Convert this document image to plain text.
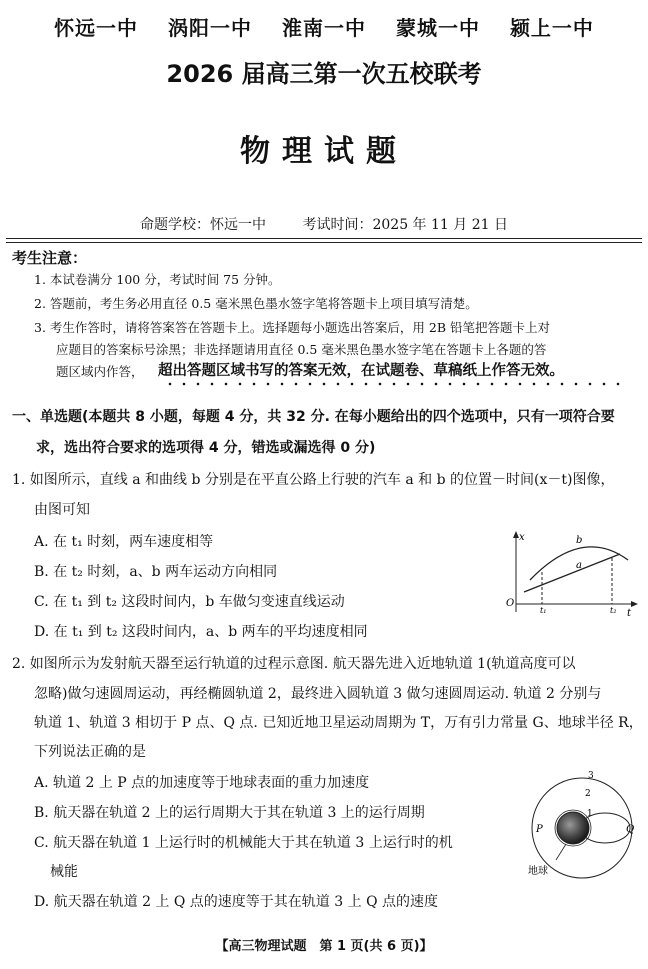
怀远一中 涡阳一中 淮南一中 蒙城一中 颍上一中
2026 届高三第一次五校联考
物理试题
命题学校：怀远一中	考试时间：2025 年 11 月 21 日
考生注意：
1. 本试卷满分 100 分，考试时间 75 分钟。
2. 答题前，考生务必用直径 0.5 毫米黑色墨水签字笔将答题卡上项目填写清楚。
3. 考生作答时，请将答案答在答题卡上。选择题每小题选出答案后，用 2B 铅笔把答题卡上对
应题目的答案标号涂黑；非选择题请用直径 0.5 毫米黑色墨水签字笔在答题卡上各题的答
题区域内作答， 超出答题区域书写的答案无效，在试题卷、草稿纸上作答无效。
一、单选题(本题共 8 小题，每题 4 分，共 32 分. 在每小题给出的四个选项中，只有一项符合要
求，选出符合要求的选项得 4 分，错选或漏选得 0 分)
1. 如图所示，直线 a 和曲线 b 分别是在平直公路上行驶的汽车 a 和 b 的位置－时间(x－t)图像，
由图可知
A. 在 t₁ 时刻，两车速度相等
B. 在 t₂ 时刻，a、b 两车运动方向相同
C. 在 t₁ 到 t₂ 这段时间内，b 车做匀变速直线运动
D. 在 t₁ 到 t₂ 这段时间内，a、b 两车的平均速度相同
x
t
O
t₁	t₂
b
a
2. 如图所示为发射航天器至运行轨道的过程示意图. 航天器先进入近地轨道 1(轨道高度可以
忽略)做匀速圆周运动，再经椭圆轨道 2，最终进入圆轨道 3 做匀速圆周运动. 轨道 2 分别与
轨道 1、轨道 3 相切于 P 点、Q 点. 已知近地卫星运动周期为 T，万有引力常量 G、地球半径 R，
下列说法正确的是
A. 轨道 2 上 P 点的加速度等于地球表面的重力加速度
B. 航天器在轨道 2 上的运行周期大于其在轨道 3 上的运行周期
C. 航天器在轨道 1 上运行时的机械能大于其在轨道 3 上运行时的机
械能
D. 航天器在轨道 2 上 Q 点的速度等于其在轨道 3 上 Q 点的速度
3
2
1
P	Q
地球
【高三物理试题　第 1 页(共 6 页)】
